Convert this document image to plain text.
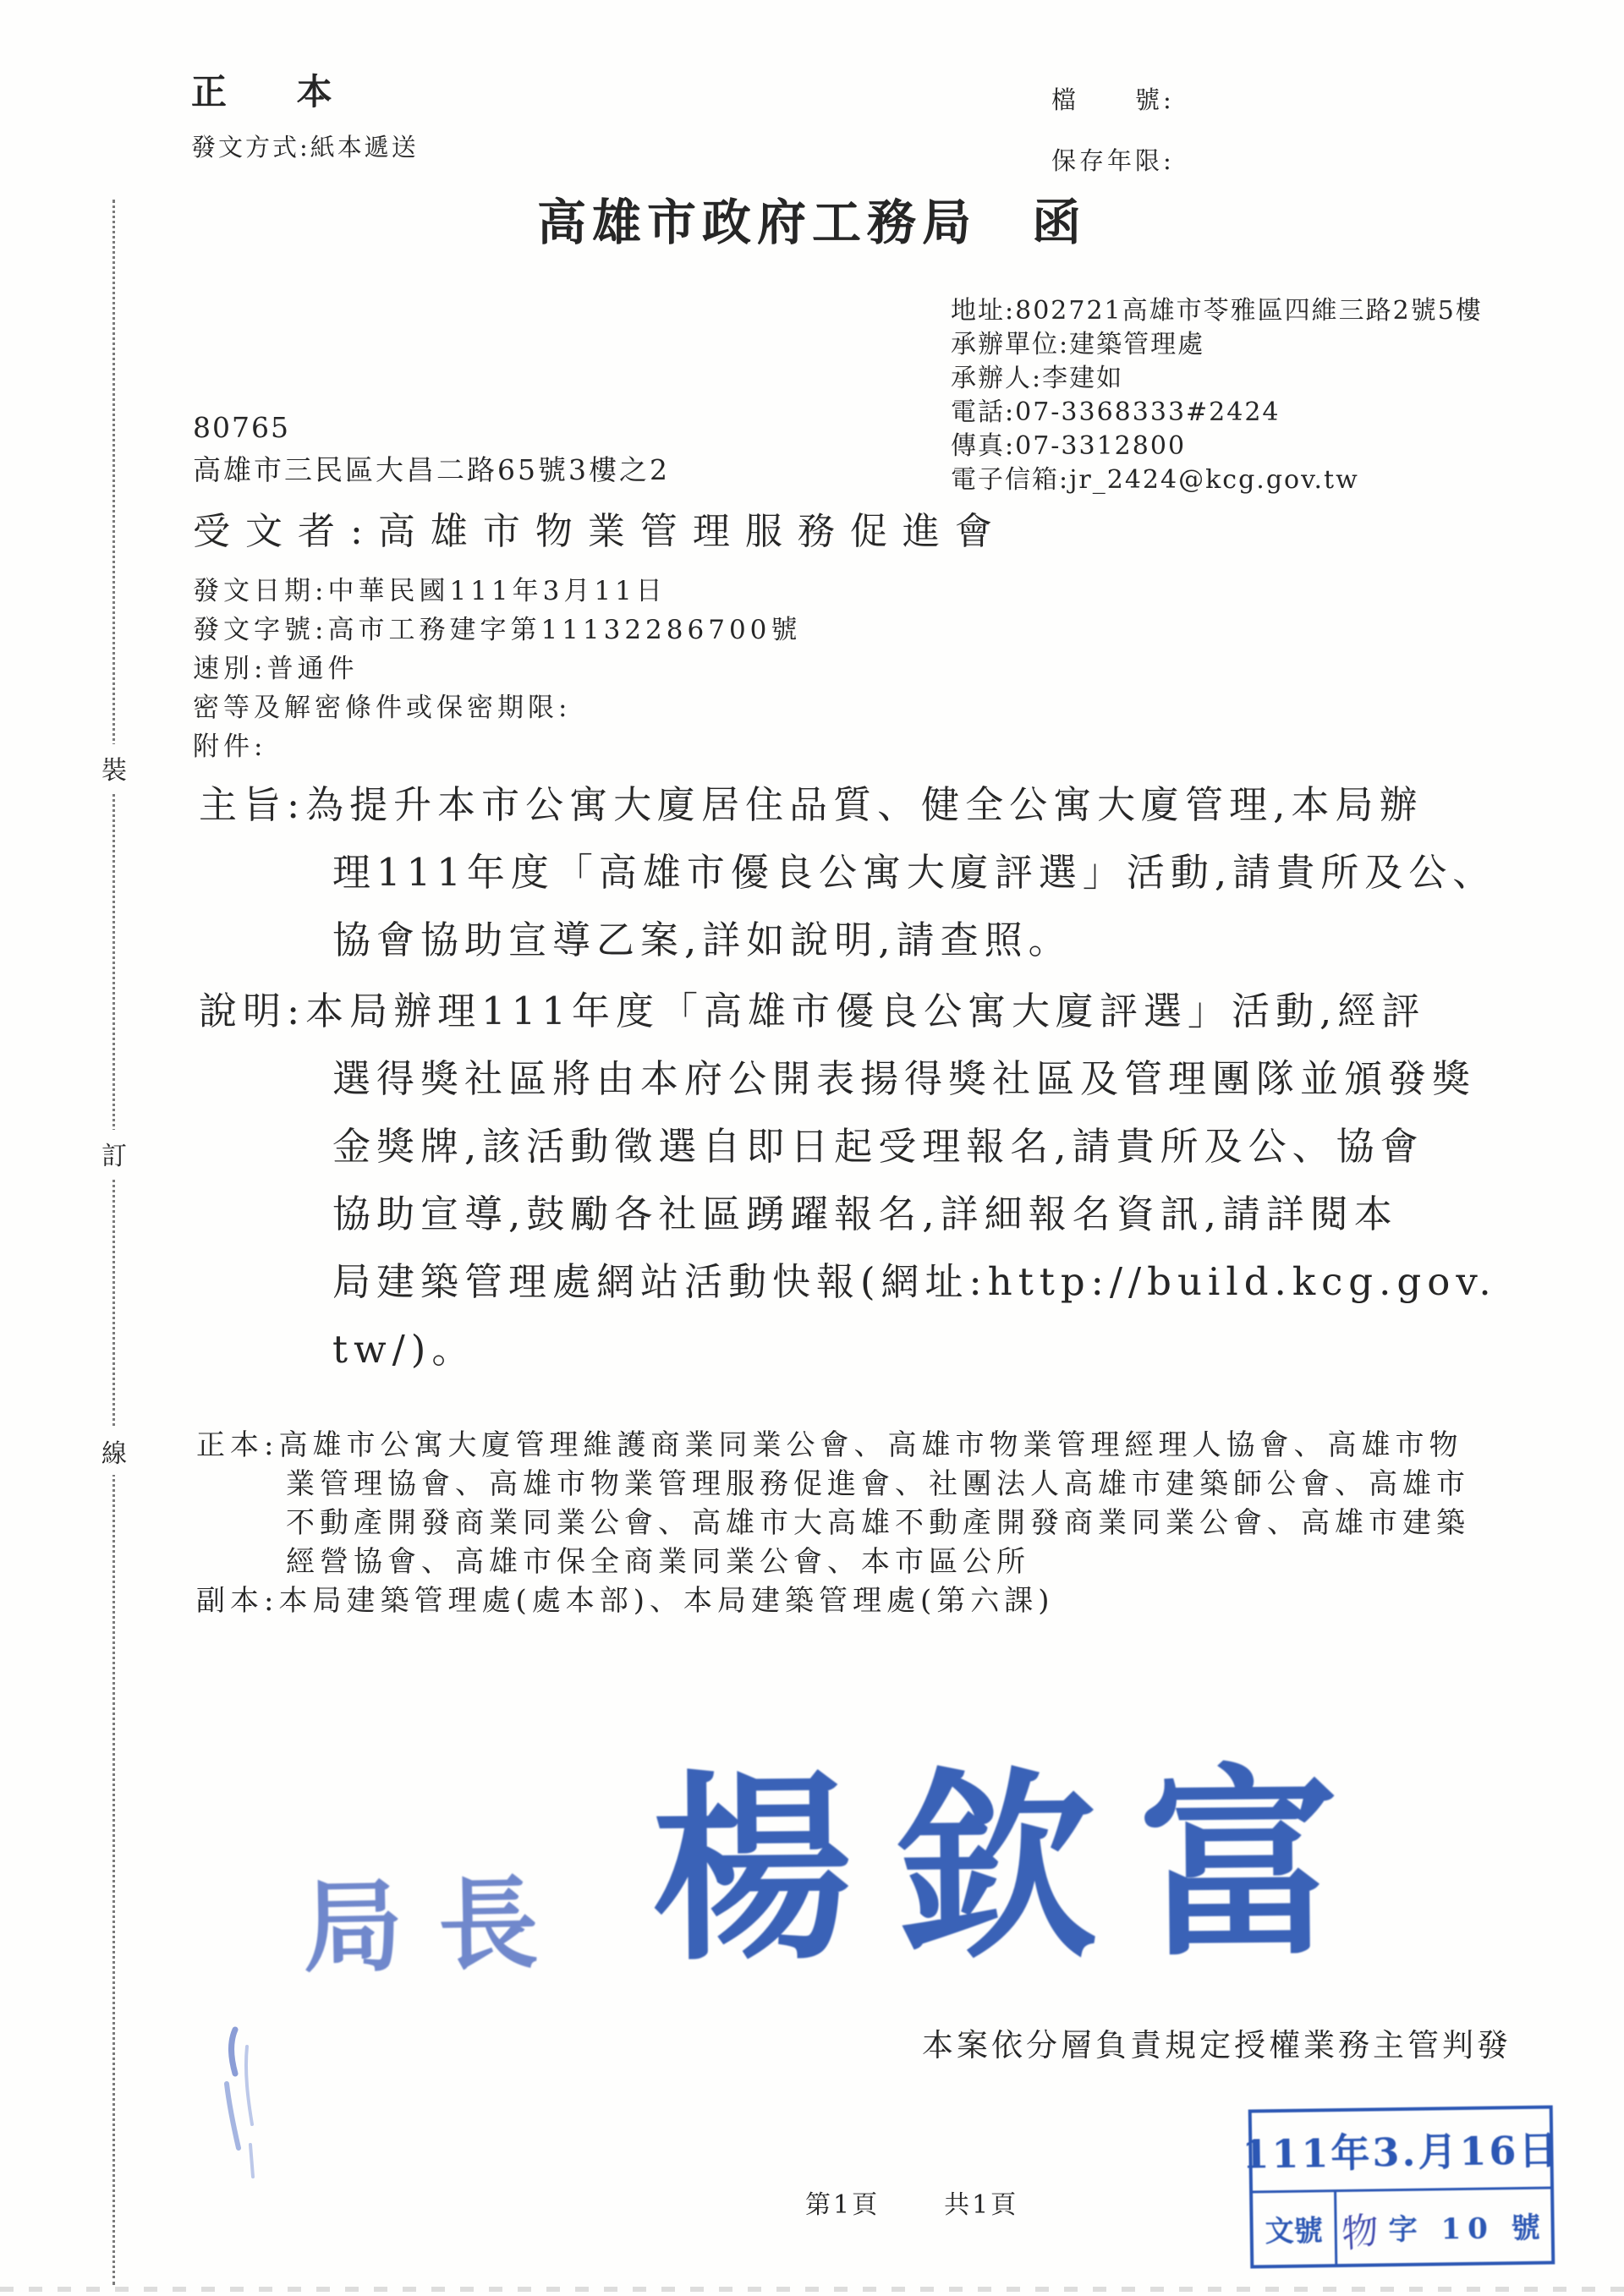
裝
訂
線
正 本
發文方式:紙本遞送
檔　　號:
保存年限:
高雄市政府工務局　函
地址:802721高雄市苓雅區四維三路2號5樓
承辦單位:建築管理處
承辦人:李建如
電話:07-3368333#2424
傳真:07-3312800
電子信箱:jr_2424@kcg.gov.tw
80765
高雄市三民區大昌二路65號3樓之2
受文者:高雄市物業管理服務促進會
發文日期:中華民國111年3月11日
發文字號:高市工務建字第11132286700號
速別:普通件
密等及解密條件或保密期限:
附件:
主旨:為提升本市公寓大廈居住品質、健全公寓大廈管理,本局辦
理111年度「高雄市優良公寓大廈評選」活動,請貴所及公、
協會協助宣導乙案,詳如說明,請查照。
說明:本局辦理111年度「高雄市優良公寓大廈評選」活動,經評
選得獎社區將由本府公開表揚得獎社區及管理團隊並頒發獎
金獎牌,該活動徵選自即日起受理報名,請貴所及公、協會
協助宣導,鼓勵各社區踴躍報名,詳細報名資訊,請詳閱本
局建築管理處網站活動快報(網址:http://build.kcg.gov.
tw/)。
正本:高雄市公寓大廈管理維護商業同業公會、高雄市物業管理經理人協會、高雄市物
業管理協會、高雄市物業管理服務促進會、社團法人高雄市建築師公會、高雄市
不動產開發商業同業公會、高雄市大高雄不動產開發商業同業公會、高雄市建築
經營協會、高雄市保全商業同業公會、本市區公所
副本:本局建築管理處(處本部)、本局建築管理處(第六課)
局長 楊欽富
本案依分層負責規定授權業務主管判發
111年3.月16日
文號 物 字 10 號
第1頁	共1頁
